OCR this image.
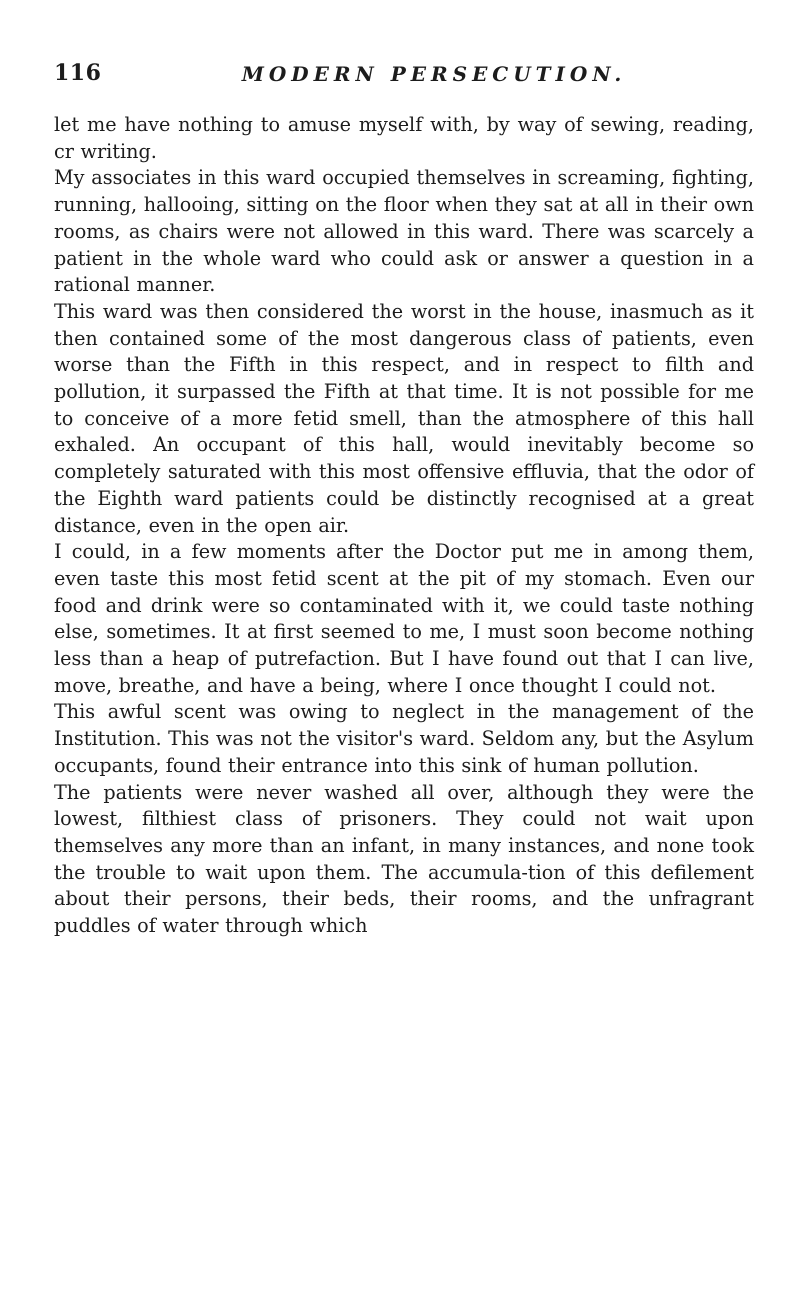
116	MODERN PERSECUTION.

let me have nothing to amuse myself with, by way of sewing, reading, cr writing.

My associates in this ward occupied themselves in screaming, fighting, running, hallooing, sitting on the floor when they sat at all in their own rooms, as chairs were not allowed in this ward. There was scarcely a patient in the whole ward who could ask or answer a question in a rational manner.

This ward was then considered the worst in the house, inasmuch as it then contained some of the most dangerous class of patients, even worse than the Fifth in this respect, and in respect to filth and pollution, it surpassed the Fifth at that time. It is not possible for me to conceive of a more fetid smell, than the atmosphere of this hall exhaled. An occupant of this hall, would inevitably become so completely saturated with this most offensive effluvia, that the odor of the Eighth ward patients could be distinctly recognised at a great distance, even in the open air.

I could, in a few moments after the Doctor put me in among them, even taste this most fetid scent at the pit of my stomach. Even our food and drink were so contaminated with it, we could taste nothing else, sometimes. It at first seemed to me, I must soon become nothing less than a heap of putrefaction. But I have found out that I can live, move, breathe, and have a being, where I once thought I could not.

This awful scent was owing to neglect in the management of the Institution. This was not the visitor's ward. Seldom any, but the Asylum occupants, found their entrance into this sink of human pollution.

The patients were never washed all over, although they were the lowest, filthiest class of prisoners. They could not wait upon themselves any more than an infant, in many instances, and none took the trouble to wait upon them. The accumula-tion of this defilement about their persons, their beds, their rooms, and the unfragrant puddles of water through which
